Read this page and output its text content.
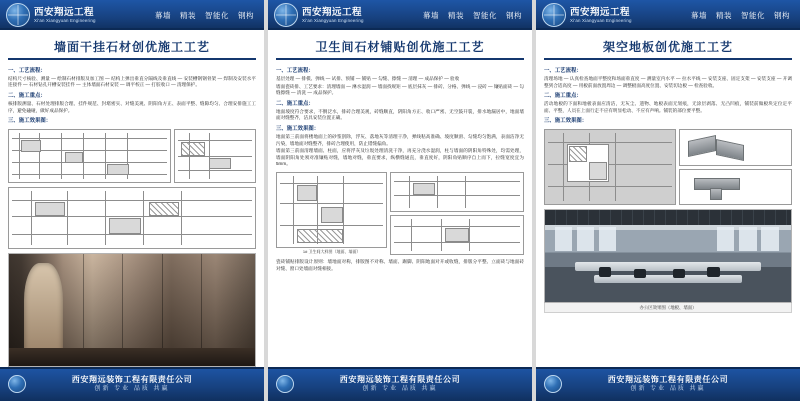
西安翔远工程
Xi'an Xiangyuan Engineering
幕墙 精装 智能化 钢构
墙面干挂石材创优施工工艺
一、工艺流程：
结构尺寸核验、测量 — 绘制石材排版及加工图 — 结构上弹出垂直分隔线及垂直线 — 安装槽钢钢骨架 — 焊制及安装水平连接件 — 石材钻孔开槽安装挂件 — 主体墙面石材安装 — 调平校正 — 打胶收口 — 清理保护。
二、施工重点：
核排版测量、石材处理排版合理、挂件规范、封堵密实、对缝美观、阴阳角方正、表面平整、缝隙均匀、合理安排施工工序，避免磕碰，做好成品保护。
三、施工效果图：
西安翔远装饰工程有限责任公司
创新 专业 品质 共赢
西安翔远工程
Xi'an Xiangyuan Engineering
幕墙 精装 智能化 钢构
卫生间石材铺贴创优施工工艺
一、工艺流程：
基层处理 — 排模、弹线 — 试排、预铺 — 铺贴 — 勾缝、擦缝 — 清理 — 成品保护 — 验收
墙面瓷砖排、工艺要求：清理墙面 — 淋水湿润 — 墙面找规矩 — 底层抹灰 — 排砖、分格、弹线 — 浸砖 — 镶贴面砖 — 勾缝擦缝 — 清洗 — 成品保护。
二、施工重点：
地面坡度符合要求，不倒泛水，排砖合理美观，砖缝顺直，阴阳角方正、收口严密、无空鼓开裂，排水地漏居中，地面墙面对缝整齐，洁具安装位置正确。
三、施工效果图：
地面第三前面将楼地面上的砂浆刮除，浮灰、落地灰等清理干净，弹线粘高准确、坡度顺滑、勾缝均匀饱满，表面洁净无污染，墙地面对缝整齐，排砖合理使用，防止错缝偏角。
墙面第三前面清理墙面、柱面，应将浮灰及垃圾处理清洗干净，再充分浇水湿润，柱与墙面的阴阳角特殊处，均需处理，墙面阴阳角处须对准镶贴对缝，墙地对缝，垂直要求，纵横缝通直，垂直度好，阴阳角贴顺序自上而下，拉缝宽度宜为5mm。
1# 卫生间大样图（地面、墙面）
瓷砖铺贴排版设计原则：墙地面对称，排版图不对称、墙面、踢脚、阴阳地面对开或收缝，排版分平整、立面砖与地面砖对缝、窗口处墙面对缝相接。
西安翔远装饰工程有限责任公司
创新 专业 品质 共赢
西安翔远工程
Xi'an Xiangyuan Engineering
幕墙 精装 智能化 钢构
架空地板创优施工工艺
一、工艺流程：
清理场地 — 认真检查地面平整度和场面垂直度 — 测量室内水平 — 拉水平线 — 安装支座、固定支架 — 安装支座 — 开调整到合适高度 — 用板前面放置周边 — 调整板面高度位置、安装切边板 — 检查验收。
二、施工重点：
活动地板的下面和地板表面应清洁，无灰尘、遗物、地板表面无划痕，无涂层剥落、无凸凹痕，铺装前做板块定位定平面、平整，人员在上面行走不应有明显松动、不应有声响。铺装的部位要平整。
三、施工效果图：
办公区效果图（地板、墙面）
西安翔远装饰工程有限责任公司
创新 专业 品质 共赢
